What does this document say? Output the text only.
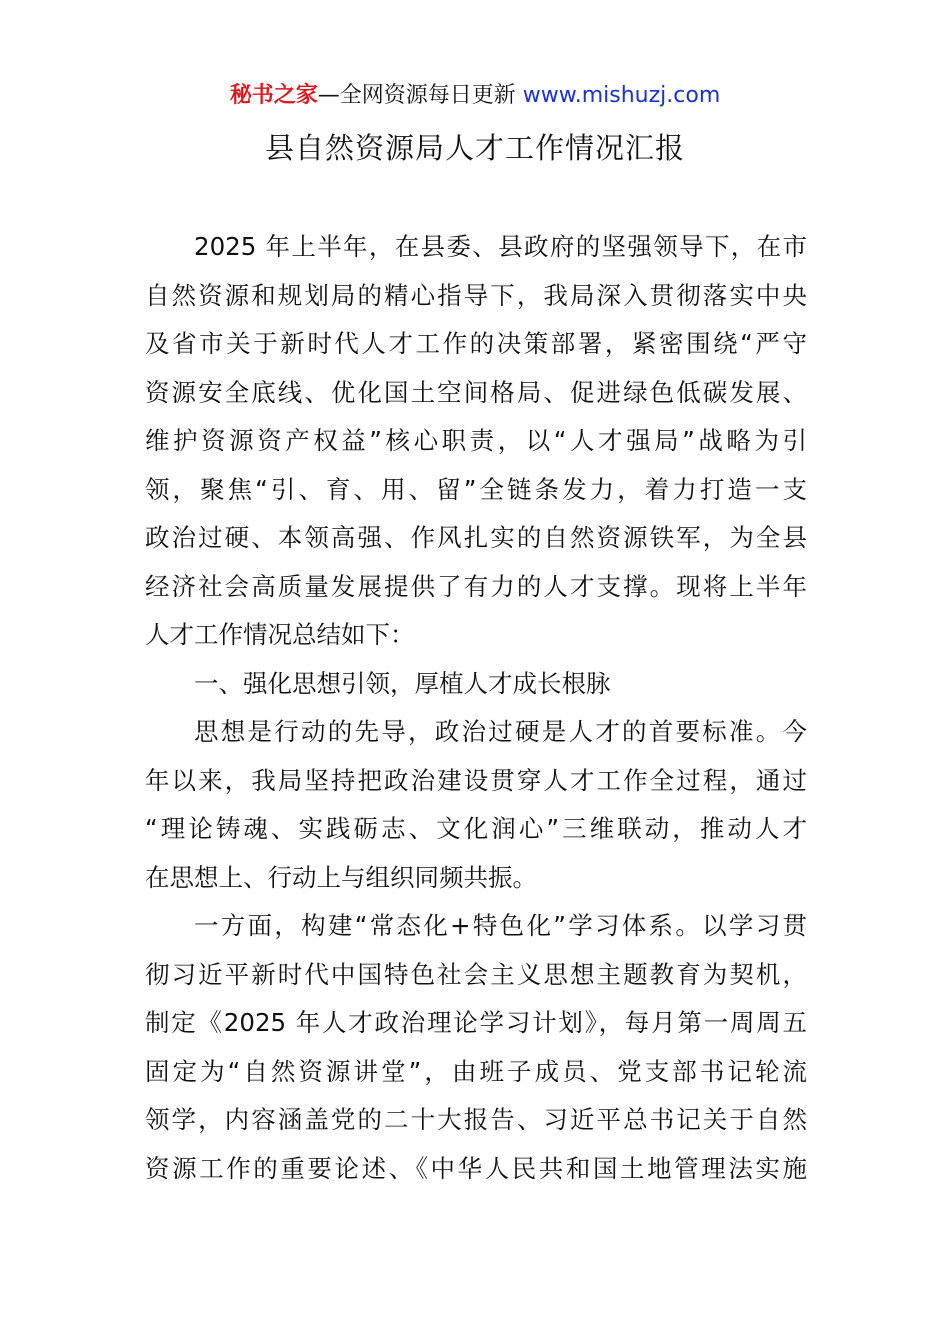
秘书之家—全网资源每日更新 www.mishuzj.com
县自然资源局人才工作情况汇报
2025 年上半年，在县委、县政府的坚强领导下，在市
自然资源和规划局的精心指导下，我局深入贯彻落实中央
及省市关于新时代人才工作的决策部署，紧密围绕“严守
资源安全底线、优化国土空间格局、促进绿色低碳发展、
维护资源资产权益”核心职责，以“人才强局”战略为引
领，聚焦“引、育、用、留”全链条发力，着力打造一支
政治过硬、本领高强、作风扎实的自然资源铁军，为全县
经济社会高质量发展提供了有力的人才支撑。现将上半年
人才工作情况总结如下：
一、强化思想引领，厚植人才成长根脉
思想是行动的先导，政治过硬是人才的首要标准。今
年以来，我局坚持把政治建设贯穿人才工作全过程，通过
“理论铸魂、实践砺志、文化润心”三维联动，推动人才
在思想上、行动上与组织同频共振。
一方面，构建“常态化+特色化”学习体系。以学习贯
彻习近平新时代中国特色社会主义思想主题教育为契机，
制定《2025 年人才政治理论学习计划》，每月第一周周五
固定为“自然资源讲堂”，由班子成员、党支部书记轮流
领学，内容涵盖党的二十大报告、习近平总书记关于自然
资源工作的重要论述、《中华人民共和国土地管理法实施
